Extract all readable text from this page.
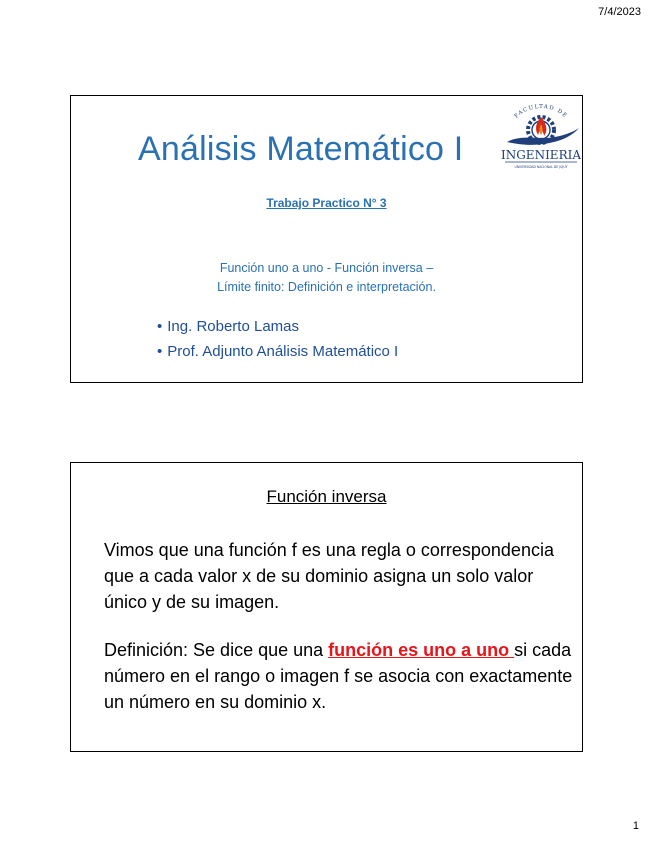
7/4/2023
Análisis Matemático I
FACULTAD DE
INGENIERIA
UNIVERSIDAD NACIONAL DE JUJUY
Trabajo Practico N° 3
Función uno a uno - Función inversa –
Límite finito: Definición e interpretación.
• Ing. Roberto Lamas
• Prof. Adjunto Análisis Matemático I
Función inversa

Vimos que una función f es una regla o correspondencia que a cada valor x de su dominio asigna un solo valor único y de su imagen.

Definición: Se dice que una función es uno a uno si cada número en el rango o imagen f se asocia con exactamente un número en su dominio x.

1
